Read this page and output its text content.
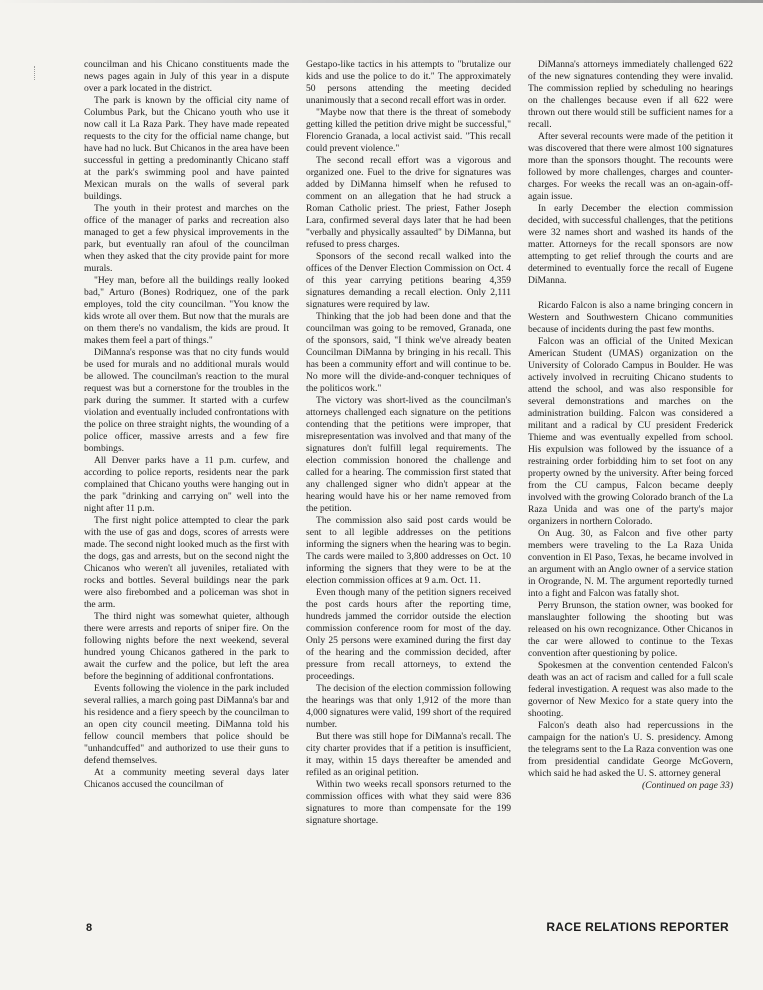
councilman and his Chicano constituents made the news pages again in July of this year in a dispute over a park located in the district.

The park is known by the official city name of Columbus Park, but the Chicano youth who use it now call it La Raza Park. They have made repeated requests to the city for the official name change, but have had no luck. But Chicanos in the area have been successful in getting a predominantly Chicano staff at the park's swimming pool and have painted Mexican murals on the walls of several park buildings.

The youth in their protest and marches on the office of the manager of parks and recreation also managed to get a few physical improvements in the park, but eventually ran afoul of the councilman when they asked that the city provide paint for more murals.

"Hey man, before all the buildings really looked bad," Arturo (Bones) Rodriquez, one of the park employes, told the city councilman. "You know the kids wrote all over them. But now that the murals are on them there's no vandalism, the kids are proud. It makes them feel a part of things."

DiManna's response was that no city funds would be used for murals and no additional murals would be allowed. The councilman's reaction to the mural request was but a cornerstone for the troubles in the park during the summer. It started with a curfew violation and eventually included confrontations with the police on three straight nights, the wounding of a police officer, massive arrests and a few fire bombings.

All Denver parks have a 11 p.m. curfew, and according to police reports, residents near the park complained that Chicano youths were hanging out in the park "drinking and carrying on" well into the night after 11 p.m.

The first night police attempted to clear the park with the use of gas and dogs, scores of arrests were made. The second night looked much as the first with the dogs, gas and arrests, but on the second night the Chicanos who weren't all juveniles, retaliated with rocks and bottles. Several buildings near the park were also firebombed and a policeman was shot in the arm.

The third night was somewhat quieter, although there were arrests and reports of sniper fire. On the following nights before the next weekend, several hundred young Chicanos gathered in the park to await the curfew and the police, but left the area before the beginning of additional confrontations.

Events following the violence in the park included several rallies, a march going past DiManna's bar and his residence and a fiery speech by the councilman to an open city council meeting. DiManna told his fellow council members that police should be "unhandcuffed" and authorized to use their guns to defend themselves.

At a community meeting several days later Chicanos accused the councilman of

Gestapo-like tactics in his attempts to "brutalize our kids and use the police to do it." The approximately 50 persons attending the meeting decided unanimously that a second recall effort was in order.

"Maybe now that there is the threat of somebody getting killed the petition drive might be successful," Florencio Granada, a local activist said. "This recall could prevent violence."

The second recall effort was a vigorous and organized one. Fuel to the drive for signatures was added by DiManna himself when he refused to comment on an allegation that he had struck a Roman Catholic priest. The priest, Father Joseph Lara, confirmed several days later that he had been "verbally and physically assaulted" by DiManna, but refused to press charges.

Sponsors of the second recall walked into the offices of the Denver Election Commission on Oct. 4 of this year carrying petitions bearing 4,359 signatures demanding a recall election. Only 2,111 signatures were required by law.

Thinking that the job had been done and that the councilman was going to be removed, Granada, one of the sponsors, said, "I think we've already beaten Councilman DiManna by bringing in his recall. This has been a community effort and will continue to be. No more will the divide-and-conquer techniques of the politicos work."

The victory was short-lived as the councilman's attorneys challenged each signature on the petitions contending that the petitions were improper, that misrepresentation was involved and that many of the signatures don't fulfill legal requirements. The election commission honored the challenge and called for a hearing. The commission first stated that any challenged signer who didn't appear at the hearing would have his or her name removed from the petition.

The commission also said post cards would be sent to all legible addresses on the petitions informing the signers when the hearing was to begin. The cards were mailed to 3,800 addresses on Oct. 10 informing the signers that they were to be at the election commission offices at 9 a.m. Oct. 11.

Even though many of the petition signers received the post cards hours after the reporting time, hundreds jammed the corridor outside the election commission conference room for most of the day. Only 25 persons were examined during the first day of the hearing and the commission decided, after pressure from recall attorneys, to extend the proceedings.

The decision of the election commission following the hearings was that only 1,912 of the more than 4,000 signatures were valid, 199 short of the required number.

But there was still hope for DiManna's recall. The city charter provides that if a petition is insufficient, it may, within 15 days thereafter be amended and refiled as an original petition.

Within two weeks recall sponsors returned to the commission offices with what they said were 836 signatures to more than compensate for the 199 signature shortage.

DiManna's attorneys immediately challenged 622 of the new signatures contending they were invalid. The commission replied by scheduling no hearings on the challenges because even if all 622 were thrown out there would still be sufficient names for a recall.

After several recounts were made of the petition it was discovered that there were almost 100 signatures more than the sponsors thought. The recounts were followed by more challenges, charges and counter-charges. For weeks the recall was an on-again-off-again issue.

In early December the election commission decided, with successful challenges, that the petitions were 32 names short and washed its hands of the matter. Attorneys for the recall sponsors are now attempting to get relief through the courts and are determined to eventually force the recall of Eugene DiManna.

Ricardo Falcon is also a name bringing concern in Western and Southwestern Chicano communities because of incidents during the past few months.

Falcon was an official of the United Mexican American Student (UMAS) organization on the University of Colorado Campus in Boulder. He was actively involved in recruiting Chicano students to attend the school, and was also responsible for several demonstrations and marches on the administration building. Falcon was considered a militant and a radical by CU president Frederick Thieme and was eventually expelled from school. His expulsion was followed by the issuance of a restraining order forbidding him to set foot on any property owned by the university. After being forced from the CU campus, Falcon became deeply involved with the growing Colorado branch of the La Raza Unida and was one of the party's major organizers in northern Colorado.

On Aug. 30, as Falcon and five other party members were traveling to the La Raza Unida convention in El Paso, Texas, he became involved in an argument with an Anglo owner of a service station in Orogrande, N. M. The argument reportedly turned into a fight and Falcon was fatally shot.

Perry Brunson, the station owner, was booked for manslaughter following the shooting but was released on his own recognizance. Other Chicanos in the car were allowed to continue to the Texas convention after questioning by police.

Spokesmen at the convention centended Falcon's death was an act of racism and called for a full scale federal investigation. A request was also made to the governor of New Mexico for a state query into the shooting.

Falcon's death also had repercussions in the campaign for the nation's U. S. presidency. Among the telegrams sent to the La Raza convention was one from presidential candidate George McGovern, which said he had asked the U. S. attorney general

(Continued on page 33)

8	RACE RELATIONS REPORTER
